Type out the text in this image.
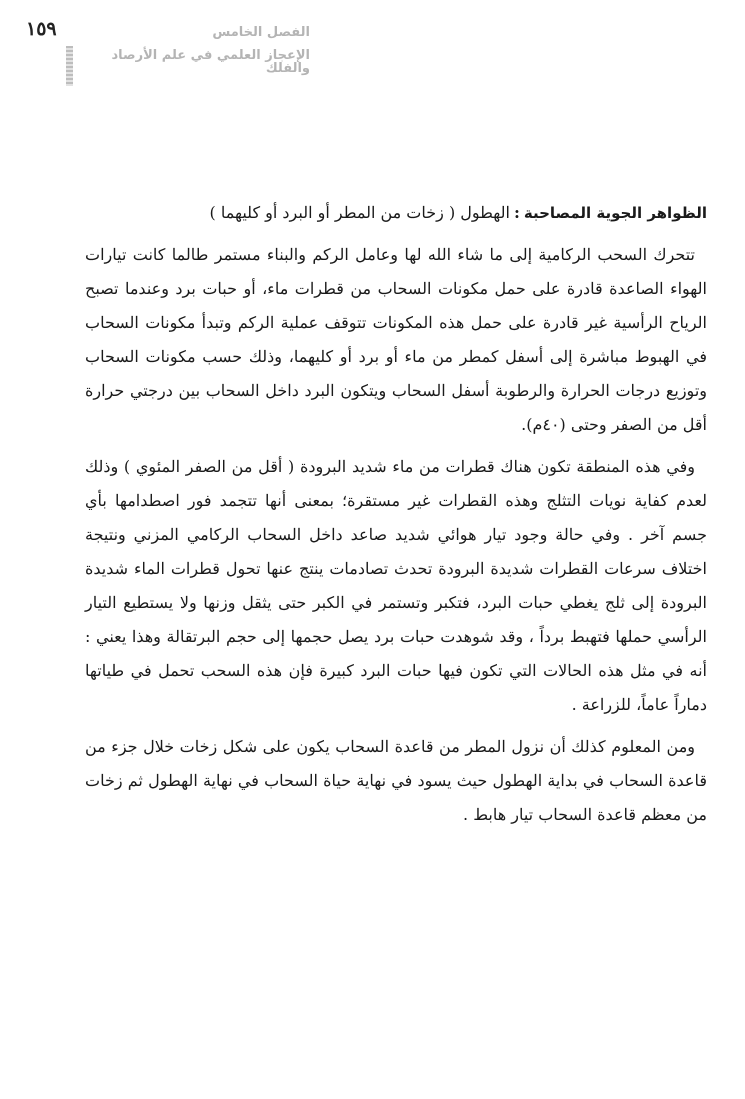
١٥٩	الفصل الخامس
الإعجاز العلمي في علم الأرصاد والفلك

الظواهر الجوية المصاحبة:الهطول ( زخات من المطر أو البرد أو كليهما )

تتحرك السحب الركامية إلى ما شاء الله لها وعامل الركم والبناء مستمر طالما كانت تيارات الهواء الصاعدة قادرة على حمل مكونات السحاب من قطرات ماء، أو حبات برد وعندما تصبح الرياح الرأسية غير قادرة على حمل هذه المكونات تتوقف عملية الركم وتبدأ مكونات السحاب في الهبوط مباشرة إلى أسفل كمطر من ماء أو برد أو كليهما، وذلك حسب مكونات السحاب وتوزيع درجات الحرارة والرطوبة أسفل السحاب ويتكون البرد داخل السحاب بين درجتي حرارة أقل من الصفر وحتى (٤٠م).

وفي هذه المنطقة تكون هناك قطرات من ماء شديد البرودة ( أقل من الصفر المئوي ) وذلك لعدم كفاية نويات التثلج وهذه القطرات غير مستقرة؛ بمعنى أنها تتجمد فور اصطدامها بأي جسم آخر . وفي حالة وجود تيار هوائي شديد صاعد داخل السحاب الركامي المزني ونتيجة اختلاف سرعات القطرات شديدة البرودة تحدث تصادمات ينتج عنها تحول قطرات الماء شديدة البرودة إلى ثلج يغطي حبات البرد، فتكبر وتستمر في الكبر حتى يثقل وزنها ولا يستطيع التيار الرأسي حملها فتهبط برداً ، وقد شوهدت حبات برد يصل حجمها إلى حجم البرتقالة وهذا يعني : أنه في مثل هذه الحالات التي تكون فيها حبات البرد كبيرة فإن هذه السحب تحمل في طياتها دماراً عاماً، للزراعة .

ومن المعلوم كذلك أن نزول المطر من قاعدة السحاب يكون على شكل زخات خلال جزء من قاعدة السحاب في بداية الهطول حيث يسود في نهاية حياة السحاب في نهاية الهطول ثم زخات من معظم قاعدة السحاب تيار هابط .
